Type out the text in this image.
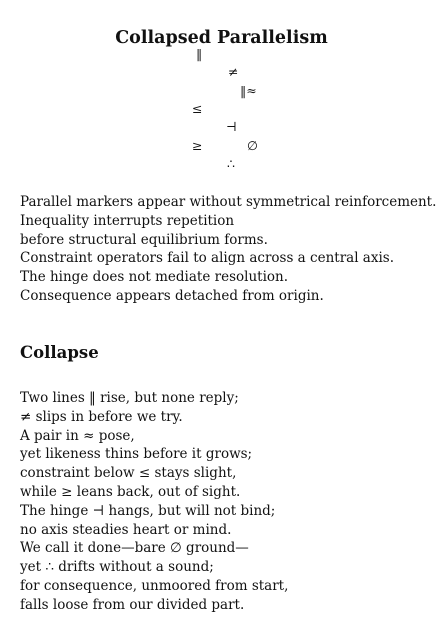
Collapsed Parallelism
‖
≠
‖≈
≤
⊣
≥	∅
∴
Parallel markers appear without symmetrical reinforcement.
Inequality interrupts repetition
before structural equilibrium forms.
Constraint operators fail to align across a central axis.
The hinge does not mediate resolution.
Consequence appears detached from origin.
Collapse
Two lines ‖ rise, but none reply;
≠ slips in before we try.
A pair in ≈ pose,
yet likeness thins before it grows;
constraint below ≤ stays slight,
while ≥ leans back, out of sight.
The hinge ⊣ hangs, but will not bind;
no axis steadies heart or mind.
We call it done—bare ∅ ground—
yet ∴ drifts without a sound;
for consequence, unmoored from start,
falls loose from our divided part.
